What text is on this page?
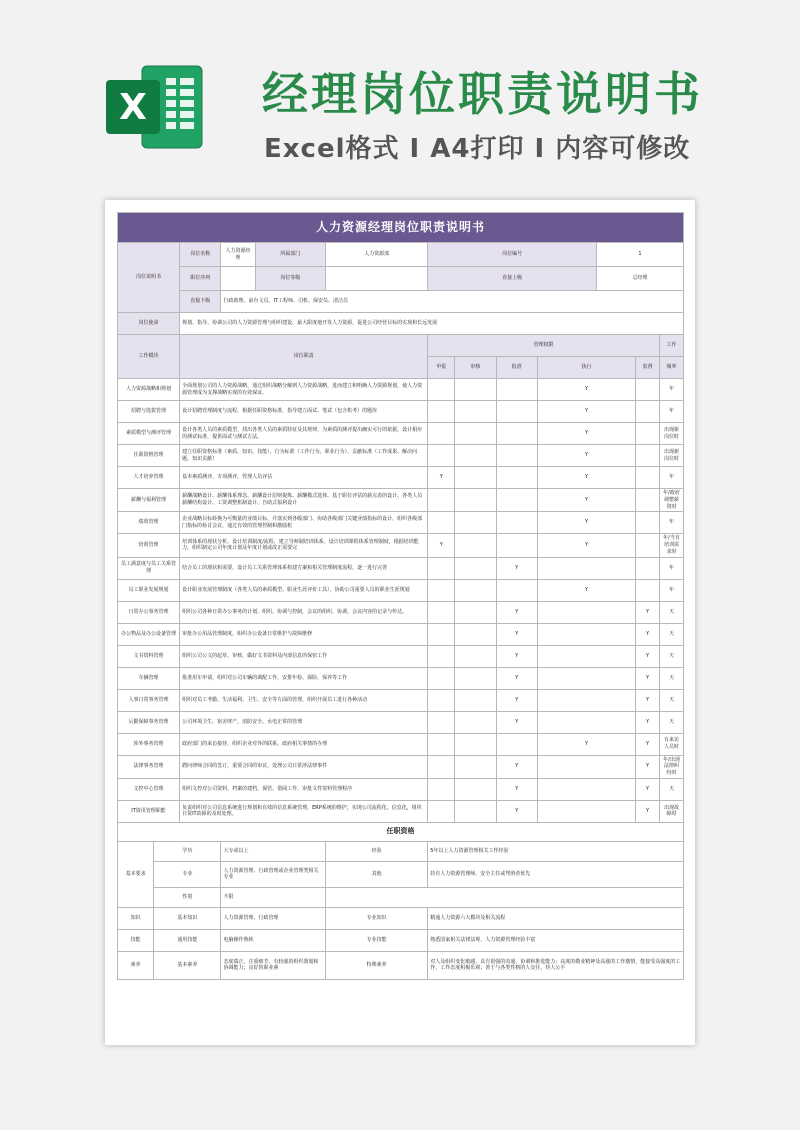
X	经理岗位职责说明书
Excel格式 I A4打印 I 内容可修改
人力资源经理岗位职责说明书												
岗位说明书		岗位名称	人力资源经理	所属部门	人力资源部	岗位编号				1		
		职位序列		岗位等级		直接上级				总经理		
		直接下级	行政助理、前台文员、IT工程师、司机、保安员、清洁员									
岗位使命		规划、指导、协调公司的人力资源管理与组织建设，最大限度地开发人力资源，促进公司经营目标的实现和长远发展										
工作模块		岗位职责				管理权限						工作
						申报	审核	批准	执行		监督	频率
人力资源战略和规划		全面规划公司的人力资源战略，通过组织战略分解到人力资源战略，进而建立和明确人力资源规划，使人力资源管理成为支撑战略实现的有效保证。							Y			年
招聘与选拔管理		设计招聘管理制度与流程，根据任职资格标准，指导建立面试、笔试（包含机考）的题库							Y			年
素质模型与测评管理		设计各类人员的素质模型，找出各类人员的素质特征及其规律，为素质的测评提出确实可行的依据，设计相应的测试标准，提供面试与测试方法。							Y			出现新岗位时
任职资格管理		建立任职资格标准（素质、知识、技能）、行为标准（工作行为、职业行为）、贡献标准（工作成果、解决问题、知识贡献）							Y			出现新岗位时
人才培养管理		基本素质测评，专项测评，管理人员评估				Y			Y			年
薪酬与福利管理		薪酬战略设计、薪酬体系理念、薪酬设计原则提炼、薪酬模式选择。基于职位评估的薪点表的设计、各类人员薪酬结构设计、工资调整机制设计、自助式福利设计							Y			年/政府调整薪资时
绩效管理		企业战略目标转换为可衡量的业绩目标，并落实到各级部门、协助各级部门关键业绩指标的设计，组织各级部门指标的检讨会议，通过有效的管理控制和激励机							Y			年
培训管理		培训体系的现状分析，设计培训制度/流程，建立导师制培训体系，设计培训课程体系管理制度，根据培训能力，组织制定公司年度计划及年度计划或改正需要完				Y			Y			年/当有培训需求时
员工满意度与员工关系管理		结合员工的现状和需要，设计员工关系管理体系构建方案和相关管理制度流程，逐一进行完善						Y				年
员工职业发展规划		设计职业发展管理制度（各类人员的素质模型、职业生涯评价工具），协助公司重要人员的职业生涯规划							Y			年
日常办公事务管理		组织公司各种日常办公事务的计划、组织、协调与控制，会议的组织、协调，会议内容的记录与传达。						Y			Y	天
办公物品及办公设备管理		审批办公用品管理制度，组织办公设备日常维护与故障维修						Y			Y	天
文书资料管理		组织公司公文的起草、审核，做好文书资料及内部信息的保密工作						Y			Y	天
车辆管理		批准用车申请，组织对公司车辆的调配工作，安排年检、保险、保养等工作						Y			Y	天
人事日常事务管理		组织对员工考勤、生活福利、卫生、安全等方面的管理，组织开展员工进行各种活动						Y			Y	天
后勤保障事务管理		公司环境卫生，宿舍财产，消防安全、水电正常的管理						Y			Y	天
涉外事务管理		政府部门的来访接待，组织企业对外的联系，政府相关事情的办理							Y		Y	有来访人员时
法律事务管理		聘问律师合同的签订，重要合同的审议，处理公司日常涉法律事件						Y			Y	年/出现法律纠纷时
文控中心管理		组织文控对公司资料，档案的建档、保管、借阅工作，审批文件资料管理程序						Y			Y	天
IT资讯管理职能		负责组织对公司信息系统进行规划和有效的信息系统管理，ERP系统的维护，实现公司流程化、信息化，组织日常IT故障的及时处理。						Y			Y	出现故障时
任职资格												
基本要求	学历		大专或以上		经验	5年以上人力资源管理相关工作经验						
	专业		人力资源管理、行政管理或企业管理类相关专业		其他	持有人力资源管理师、安全主任或驾照者优先						
	性别		不限									
知识	基本知识		人力资源管理、行政管理		专业知识	精通人力资源六大模块及相关流程						
技能	通用技能		电脑操作熟练		专业技能	熟悉国家相关法律法规，人力资源管理经验丰富						
素养	基本素养		态度端正，注重细节，有较强的组织策划和协调能力；良好的职业素		特殊素养	对人及组织变化敏感，具有很强的沟通、协调和推进能力；高度的敬业精神及高涨的工作激情，能接受高强度的工作，工作态度积极乐观；善于与各类性格的人交往，待人公平						
